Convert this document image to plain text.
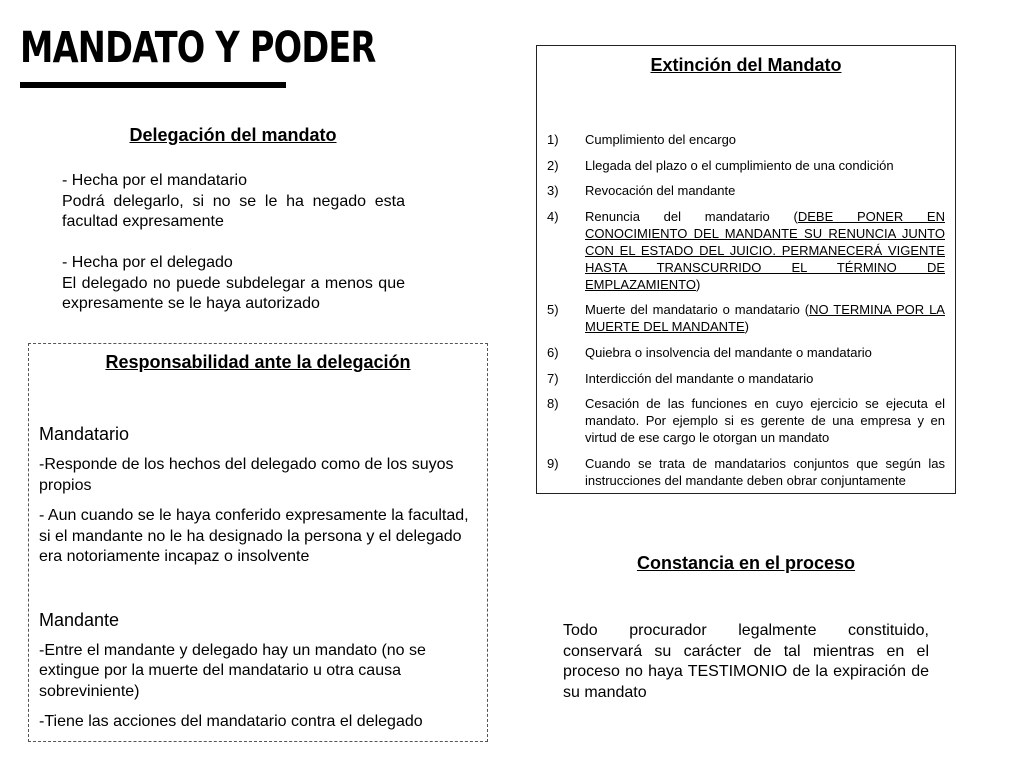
MANDATO Y PODER
Delegación del mandato

- Hecha por el mandatario

Podrá delegarlo, si no se le ha negado esta facultad expresamente

- Hecha por el delegado

El delegado no puede subdelegar a menos que expresamente se le haya autorizado

Responsabilidad ante la delegación

Mandatario

-Responde de los hechos del delegado como de los suyos propios

- Aun cuando se le haya conferido expresamente la facultad, si el mandante no le ha designado la persona y el delegado era notoriamente incapaz o insolvente

Mandante

-Entre el mandante y delegado hay un mandato (no se extingue por la muerte del mandatario u otra causa sobreviniente)

-Tiene las acciones del mandatario contra el delegado

Extinción del Mandato
1)	Cumplimiento del encargo
2)	Llegada del plazo o el cumplimiento de una condición
3)	Revocación del mandante
4)	Renuncia del mandatario (DEBE PONER EN CONOCIMIENTO DEL MANDANTE SU RENUNCIA JUNTO CON EL ESTADO DEL JUICIO. PERMANECERÁ VIGENTE HASTA TRANSCURRIDO EL TÉRMINO DE EMPLAZAMIENTO)
5)	Muerte del mandatario o mandatario (NO TERMINA POR LA MUERTE DEL MANDANTE)
6)	Quiebra o insolvencia del mandante o mandatario
7)	Interdicción del mandante o mandatario
8)	Cesación de las funciones en cuyo ejercicio se ejecuta el mandato. Por ejemplo si es gerente de una empresa y en virtud de ese cargo le otorgan un mandato
9)	Cuando se trata de mandatarios conjuntos que según las instrucciones del mandante deben obrar conjuntamente
Constancia en el proceso

Todo procurador legalmente constituido, conservará su carácter de tal mientras en el proceso no haya TESTIMONIO de la expiración de su mandato
